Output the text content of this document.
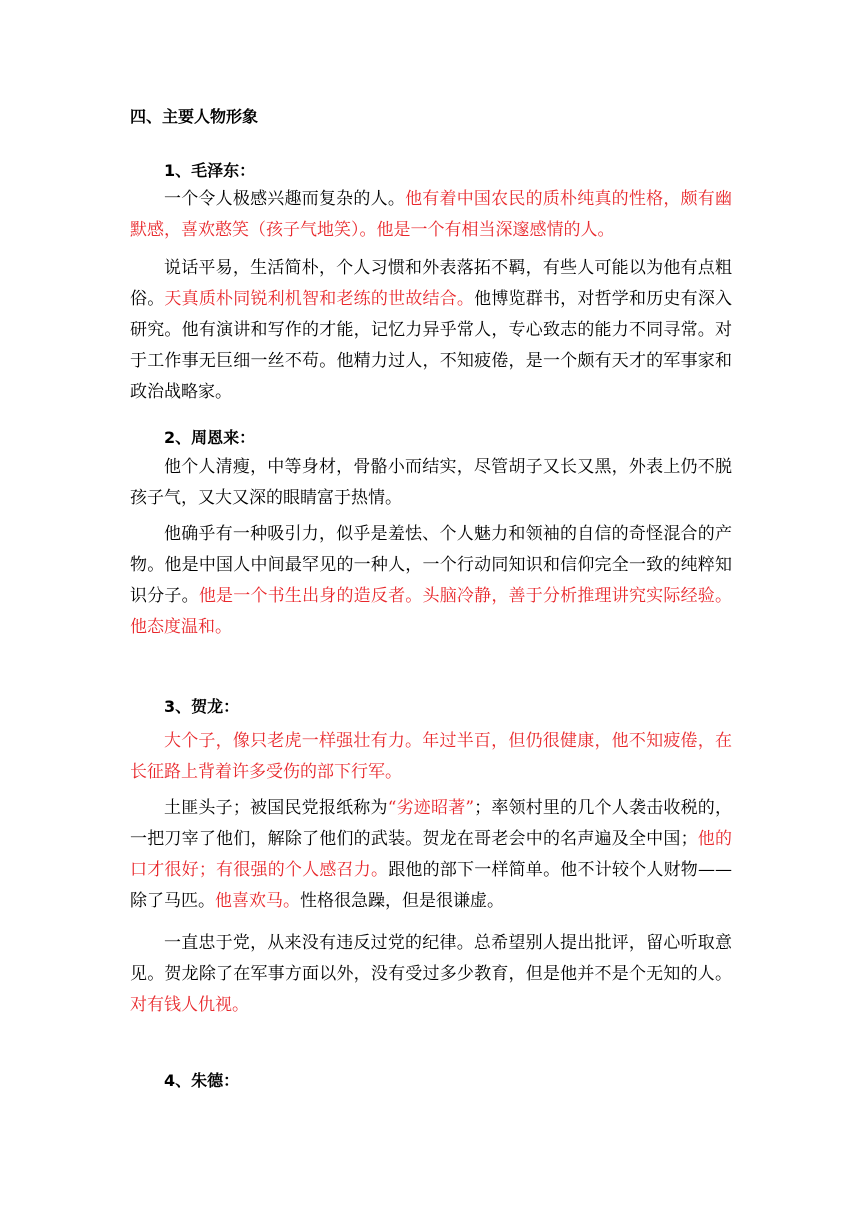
四、主要人物形象
1、毛泽东：

一个令人极感兴趣而复杂的人。他有着中国农民的质朴纯真的性格，颇有幽默感，喜欢憨笑（孩子气地笑）。他是一个有相当深邃感情的人。

说话平易，生活简朴，个人习惯和外表落拓不羁，有些人可能以为他有点粗俗。天真质朴同锐利机智和老练的世故结合。他博览群书，对哲学和历史有深入研究。他有演讲和写作的才能，记忆力异乎常人，专心致志的能力不同寻常。对于工作事无巨细一丝不苟。他精力过人，不知疲倦，是一个颇有天才的军事家和政治战略家。

2、周恩来：

他个人清瘦，中等身材，骨骼小而结实，尽管胡子又长又黑，外表上仍不脱孩子气，又大又深的眼睛富于热情。

他确乎有一种吸引力，似乎是羞怯、个人魅力和领袖的自信的奇怪混合的产物。他是中国人中间最罕见的一种人，一个行动同知识和信仰完全一致的纯粹知识分子。他是一个书生出身的造反者。头脑冷静，善于分析推理讲究实际经验。他态度温和。

3、贺龙：

大个子，像只老虎一样强壮有力。年过半百，但仍很健康，他不知疲倦，在长征路上背着许多受伤的部下行军。

土匪头子；被国民党报纸称为“劣迹昭著”；率领村里的几个人袭击收税的，一把刀宰了他们，解除了他们的武装。贺龙在哥老会中的名声遍及全中国；他的口才很好；有很强的个人感召力。跟他的部下一样简单。他不计较个人财物——除了马匹。他喜欢马。性格很急躁，但是很谦虚。

一直忠于党，从来没有违反过党的纪律。总希望别人提出批评，留心听取意见。贺龙除了在军事方面以外，没有受过多少教育，但是他并不是个无知的人。对有钱人仇视。

4、朱德：
